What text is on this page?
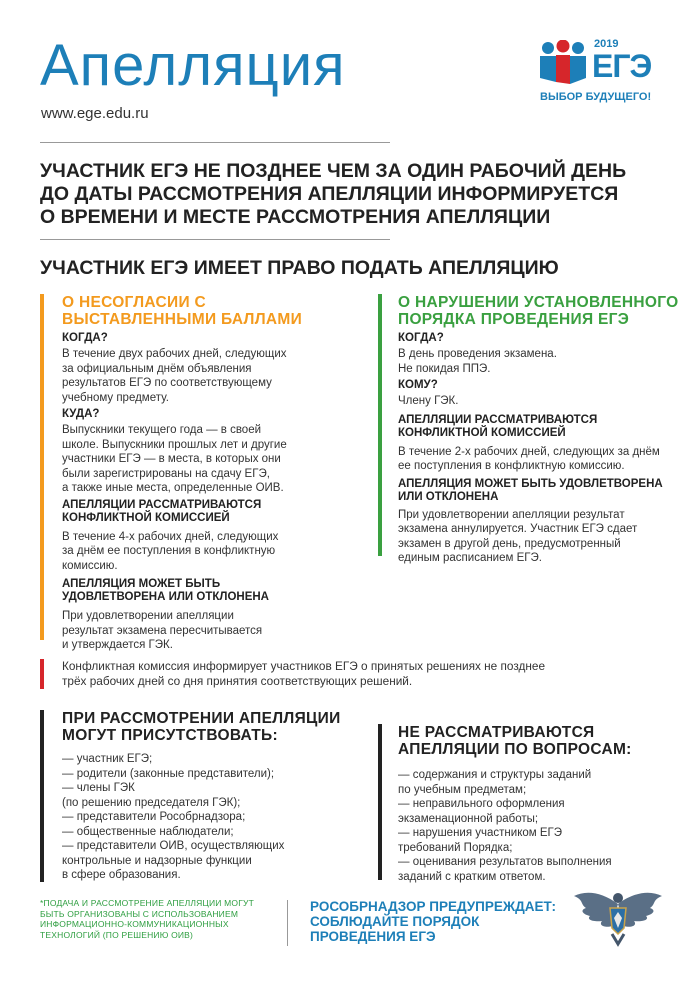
Апелляция
www.ege.edu.ru
2019
ЕГЭ
ВЫБОР БУДУЩЕГО!
УЧАСТНИК ЕГЭ НЕ ПОЗДНЕЕ ЧЕМ ЗА ОДИН РАБОЧИЙ ДЕНЬ ДО ДАТЫ РАССМОТРЕНИЯ АПЕЛЛЯЦИИ ИНФОРМИРУЕТСЯ О ВРЕМЕНИ И МЕСТЕ РАССМОТРЕНИЯ АПЕЛЛЯЦИИ
УЧАСТНИК ЕГЭ ИМЕЕТ ПРАВО ПОДАТЬ АПЕЛЛЯЦИЮ
О НЕСОГЛАСИИ С ВЫСТАВЛЕННЫМИ БАЛЛАМИ
КОГДА?
В течение двух рабочих дней, следующих
за официальным днём объявления
результатов ЕГЭ по соответствующему
учебному предмету.
КУДА?
Выпускники текущего года — в своей
школе. Выпускники прошлых лет и другие
участники ЕГЭ — в места, в которых они
были зарегистрированы на сдачу ЕГЭ,
а также иные места, определенные ОИВ.
АПЕЛЛЯЦИИ РАССМАТРИВАЮТСЯ
КОНФЛИКТНОЙ КОМИССИЕЙ
В течение 4-х рабочих дней, следующих
за днём ее поступления в конфликтную
комиссию.
АПЕЛЛЯЦИЯ МОЖЕТ БЫТЬ
УДОВЛЕТВОРЕНА ИЛИ ОТКЛОНЕНА
При удовлетворении апелляции
результат экзамена пересчитывается
и утверждается ГЭК.
О НАРУШЕНИИ УСТАНОВЛЕННОГО ПОРЯДКА ПРОВЕДЕНИЯ ЕГЭ
КОГДА?
В день проведения экзамена.
Не покидая ППЭ.
КОМУ?
Члену ГЭК.
АПЕЛЛЯЦИИ РАССМАТРИВАЮТСЯ
КОНФЛИКТНОЙ КОМИССИЕЙ
В течение 2-х рабочих дней, следующих за днём
ее поступления в конфликтную комиссию.
АПЕЛЛЯЦИЯ МОЖЕТ БЫТЬ УДОВЛЕТВОРЕНА
ИЛИ ОТКЛОНЕНА
При удовлетворении апелляции результат
экзамена аннулируется. Участник ЕГЭ сдает
экзамен в другой день, предусмотренный
единым расписанием ЕГЭ.
Конфликтная комиссия информирует участников ЕГЭ о принятых решениях не позднее
трёх рабочих дней со дня принятия соответствующих решений.
ПРИ РАССМОТРЕНИИ АПЕЛЛЯЦИИ
МОГУТ ПРИСУТСТВОВАТЬ:
— участник ЕГЭ;
— родители (законные представители);
— члены ГЭК
(по решению председателя ГЭК);
— представители Рособрнадзора;
— общественные наблюдатели;
— представители ОИВ, осуществляющих
контрольные и надзорные функции
в сфере образования.
НЕ РАССМАТРИВАЮТСЯ
АПЕЛЛЯЦИИ ПО ВОПРОСАМ:
— содержания и структуры заданий
по учебным предметам;
— неправильного оформления
экзаменационной работы;
— нарушения участником ЕГЭ
требований Порядка;
— оценивания результатов выполнения
заданий с кратким ответом.
*ПОДАЧА И РАССМОТРЕНИЕ АПЕЛЛЯЦИИ МОГУТ
БЫТЬ ОРГАНИЗОВАНЫ С ИСПОЛЬЗОВАНИЕМ
ИНФОРМАЦИОННО-КОММУНИКАЦИОННЫХ
ТЕХНОЛОГИЙ (ПО РЕШЕНИЮ ОИВ)
РОСОБРНАДЗОР ПРЕДУПРЕЖДАЕТ:
СОБЛЮДАЙТЕ ПОРЯДОК
ПРОВЕДЕНИЯ ЕГЭ
